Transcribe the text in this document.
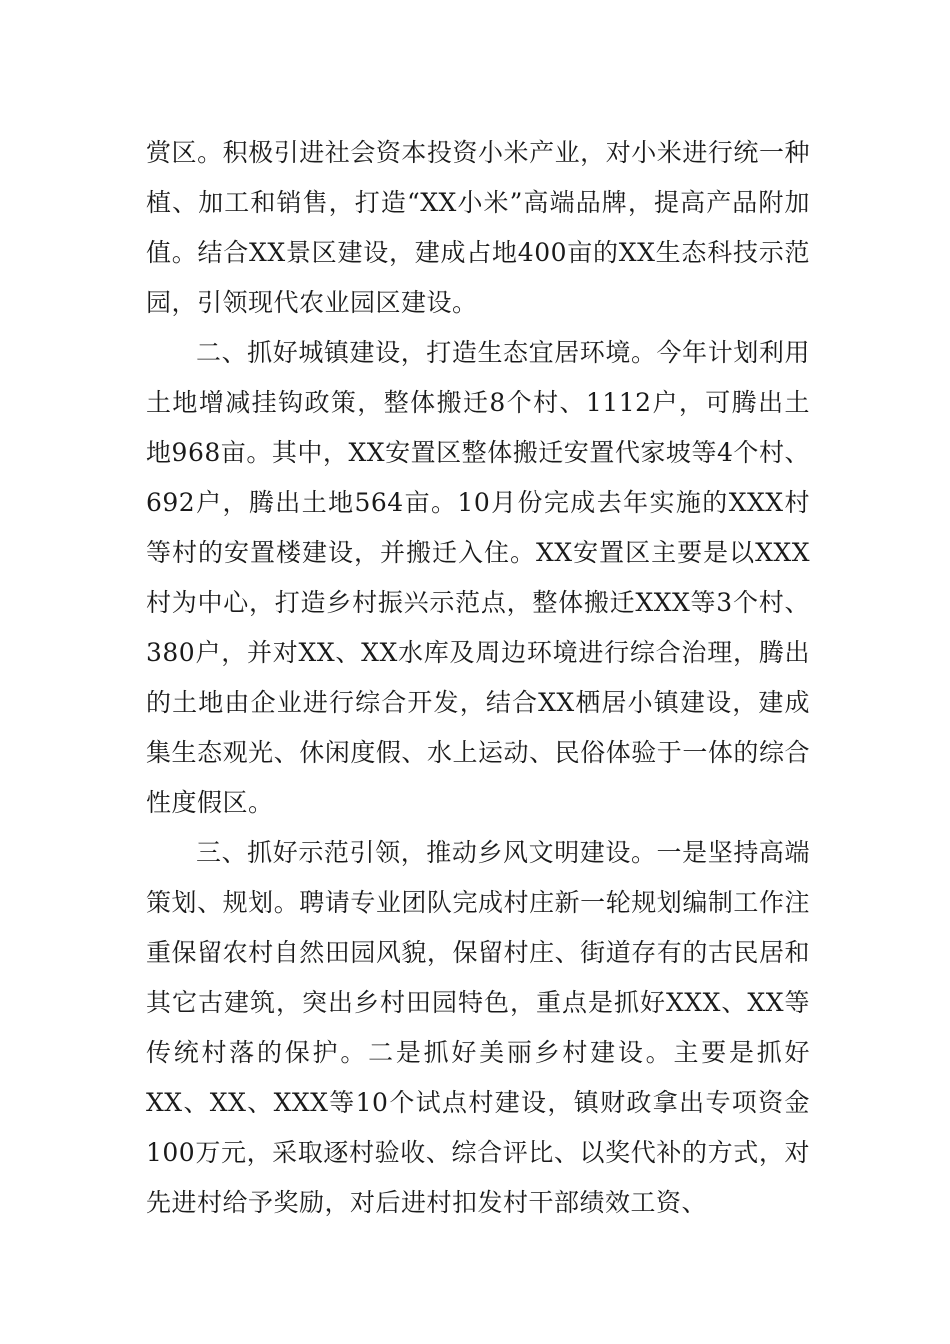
赏区。积极引进社会资本投资小米产业，对小米进行统一种植、加工和销售，打造“XX小米”高端品牌，提高产品附加值。结合XX景区建设，建成占地400亩的XX生态科技示范园，引领现代农业园区建设。

二、抓好城镇建设，打造生态宜居环境。今年计划利用土地增减挂钩政策，整体搬迁8个村、1112户，可腾出土地968亩。其中，XX安置区整体搬迁安置代家坡等4个村、692户，腾出土地564亩。10月份完成去年实施的XXX村等村的安置楼建设，并搬迁入住。XX安置区主要是以XXX村为中心，打造乡村振兴示范点，整体搬迁XXX等3个村、380户，并对XX、XX水库及周边环境进行综合治理，腾出的土地由企业进行综合开发，结合XX栖居小镇建设，建成集生态观光、休闲度假、水上运动、民俗体验于一体的综合性度假区。

三、抓好示范引领，推动乡风文明建设。一是坚持高端策划、规划。聘请专业团队完成村庄新一轮规划编制工作注重保留农村自然田园风貌，保留村庄、街道存有的古民居和其它古建筑，突出乡村田园特色，重点是抓好XXX、XX等传统村落的保护。二是抓好美丽乡村建设。主要是抓好XX、XX、XXX等10个试点村建设，镇财政拿出专项资金100万元，采取逐村验收、综合评比、以奖代补的方式，对先进村给予奖励，对后进村扣发村干部绩效工资、
